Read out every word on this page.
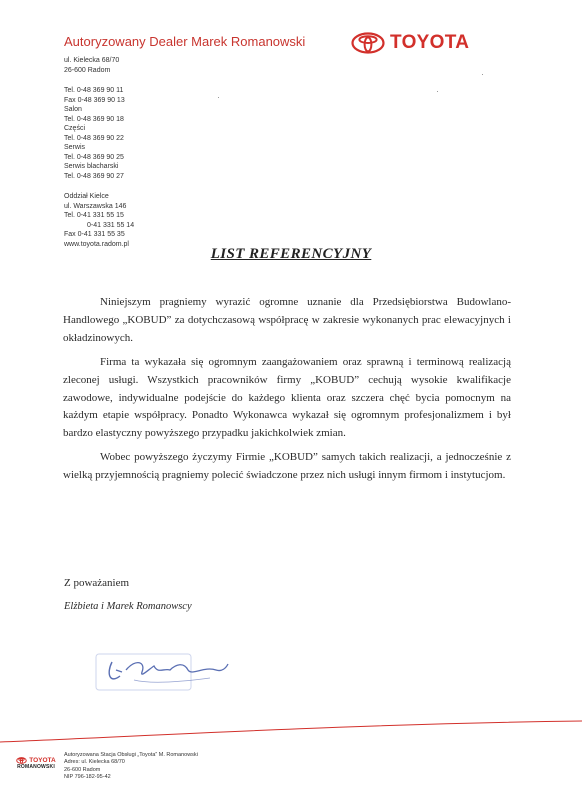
Autoryzowany Dealer Marek Romanowski	TOYOTA
ul. Kielecka 68/70
26-600 Radom
Tel. 0-48 369 90 11
Fax 0-48 369 90 13
Salon
Tel. 0-48 369 90 18
Części
Tel. 0-48 369 90 22
Serwis
Tel. 0-48 369 90 25
Serwis blacharski
Tel. 0-48 369 90 27
Oddział Kielce
ul. Warszawska 146
Tel. 0-41 331 55 15
0-41 331 55 14
Fax 0-41 331 55 35
www.toyota.radom.pl
LIST REFERENCYJNY

Niniejszym pragniemy wyrazić ogromne uznanie dla Przedsiębiorstwa Budowlano-Handlowego „KOBUD” za dotychczasową współpracę w zakresie wykonanych prac elewacyjnych i okładzinowych.

Firma ta wykazała się ogromnym zaangażowaniem oraz sprawną i terminową realizacją zleconej usługi. Wszystkich pracowników firmy „KOBUD” cechują wysokie kwalifikacje zawodowe, indywidualne podejście do każdego klienta oraz szczera chęć bycia pomocnym na każdym etapie współpracy. Ponadto Wykonawca wykazał się ogromnym profesjonalizmem i był bardzo elastyczny powyższego przypadku jakichkolwiek zmian.

Wobec powyższego życzymy Firmie „KOBUD” samych takich realizacji, a jednocześnie z wielką przyjemnością pragniemy polecić świadczone przez nich usługi innym firmom i instytucjom.

Z poważaniem
Elżbieta i Marek Romanowscy
TOYOTA
ROMANOWSKI
Autoryzowana Stacja Obsługi „Toyota” M. Romanowski
Adres: ul. Kielecka 68/70
26-600 Radom
NIP 796-182-95-42
